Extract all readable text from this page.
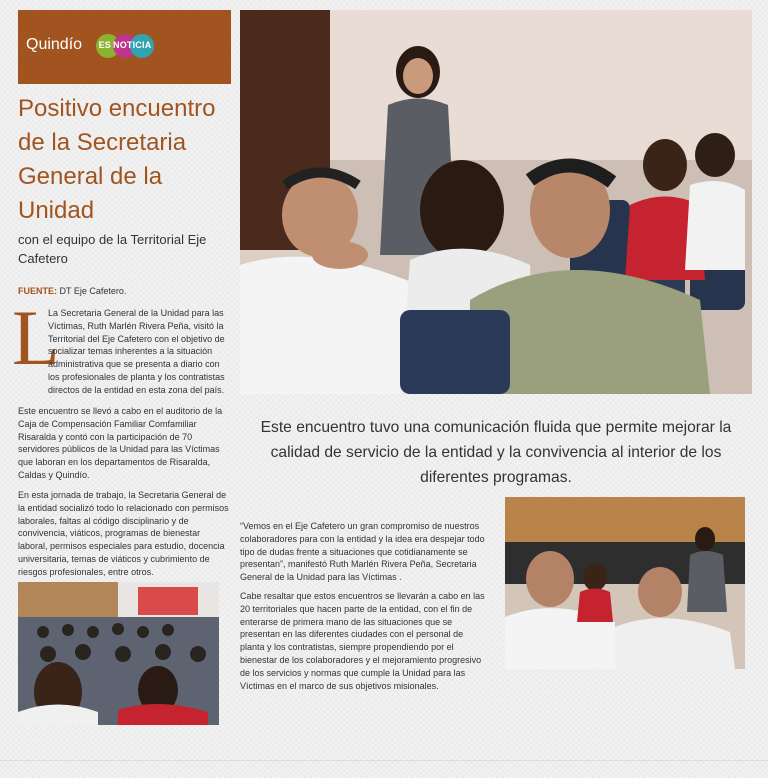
Quindío ES NOTICIA
Positivo encuentro de la Secretaria General de la Unidad
con el equipo de la Territorial Eje Cafetero
FUENTE: DT Eje Cafetero.
L

La Secretaria General de la Unidad para las Víctimas, Ruth Marlén Rivera Peña, visitó la Territorial del Eje Cafetero con el objetivo de socializar temas inherentes a la situación administrativa que se presenta a diario con los profesionales de planta y los contratistas directos de la entidad en esta zona del país.

Este encuentro se llevó a cabo en el auditorio de la Caja de Compensación Familiar Comfamiliar Risaralda y contó con la participación de 70 servidores públicos de la Unidad para las Víctimas que laboran en los departamentos de Risaralda, Caldas y Quindío.

En esta jornada de trabajo, la Secretaria General de la entidad socializó todo lo relacionado con permisos laborales, faltas al código disciplinario y de convivencia, viáticos, programas de bienestar laboral, permisos especiales para estudio, docencia universitaria, temas de viáticos y cubrimiento de riesgos profesionales, entre otros.

Este encuentro tuvo una comunicación fluida que permite mejorar la calidad de servicio de la entidad y la convivencia al interior de los diferentes programas.

“Vemos en el Eje Cafetero un gran compromiso de nuestros colaboradores para con la entidad y la idea era despejar todo tipo de dudas frente a situaciones que cotidianamente se presentan”, manifestó Ruth Marlén Rivera Peña, Secretaria General de la Unidad para las Víctimas .

Cabe resaltar que estos encuentros se llevarán a cabo en las 20 territoriales que hacen parte de la entidad, con el fin de enterarse de primera mano de las situaciones que se presentan en las diferentes ciudades con el personal de planta y los contratistas, siempre propendiendo por el bienestar de los colaboradores y el mejoramiento progresivo de los servicios y normas que cumple la Unidad para las Víctimas en el marco de sus objetivos misionales.
